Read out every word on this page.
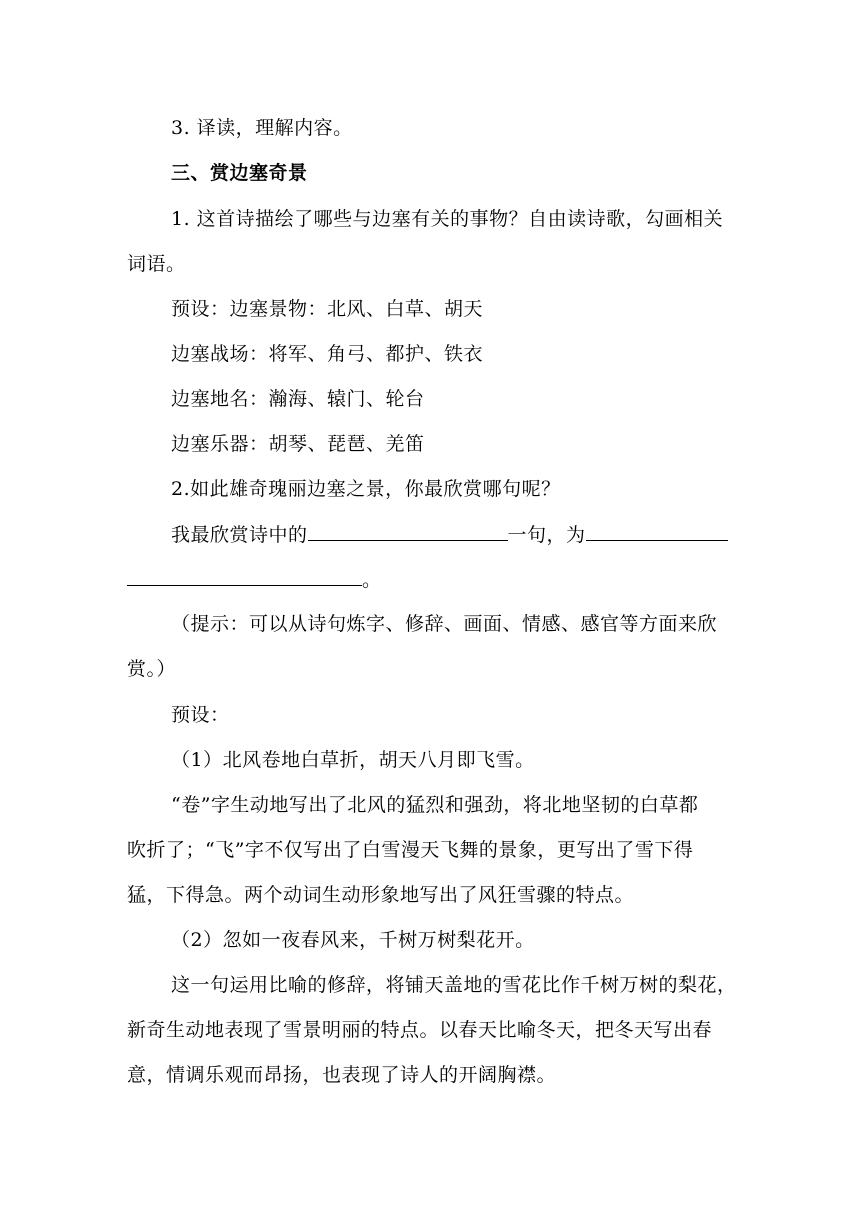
3. 译读，理解内容。
三、赏边塞奇景
1. 这首诗描绘了哪些与边塞有关的事物？自由读诗歌，勾画相关
词语。
预设：边塞景物：北风、白草、胡天
边塞战场：将军、角弓、都护、铁衣
边塞地名：瀚海、辕门、轮台
边塞乐器：胡琴、琵琶、羌笛
2.如此雄奇瑰丽边塞之景，你最欣赏哪句呢？
我最欣赏诗中的	一句，为
。
（提示：可以从诗句炼字、修辞、画面、情感、感官等方面来欣
赏。）
预设：
（1）北风卷地白草折，胡天八月即飞雪。
“卷”字生动地写出了北风的猛烈和强劲，将北地坚韧的白草都
吹折了；“飞”字不仅写出了白雪漫天飞舞的景象，更写出了雪下得
猛，下得急。两个动词生动形象地写出了风狂雪骤的特点。
（2）忽如一夜春风来，千树万树梨花开。
这一句运用比喻的修辞，将铺天盖地的雪花比作千树万树的梨花，
新奇生动地表现了雪景明丽的特点。以春天比喻冬天，把冬天写出春
意，情调乐观而昂扬，也表现了诗人的开阔胸襟。
